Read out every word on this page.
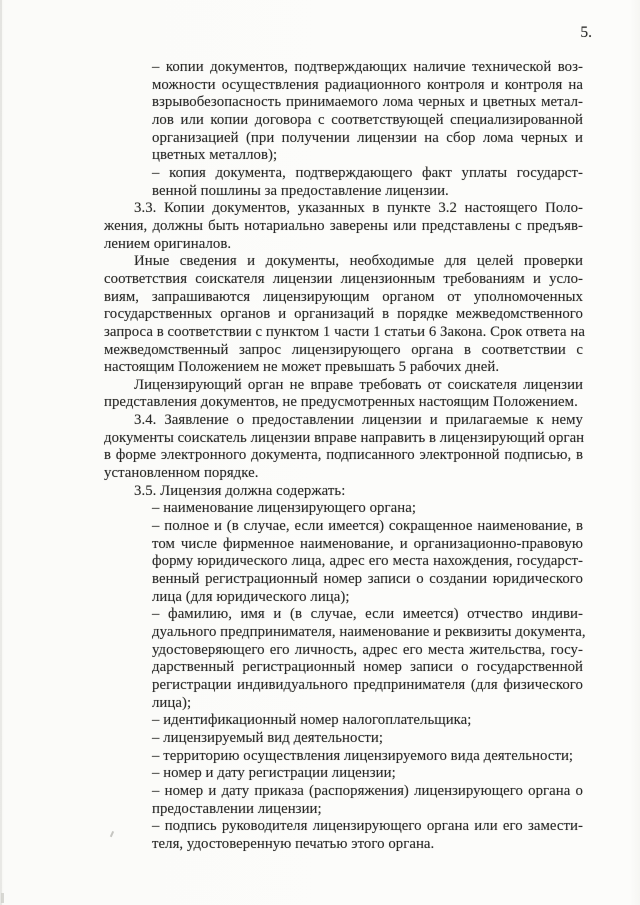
5.
– копии документов, подтверждающих наличие технической воз-
можности осуществления радиационного контроля и контроля на
взрывобезопасность принимаемого лома черных и цветных метал-
лов или копии договора с соответствующей специализированной
организацией (при получении лицензии на сбор лома черных и
цветных металлов);
– копия документа, подтверждающего факт уплаты государст-
венной пошлины за предоставление лицензии.
3.3. Копии документов, указанных в пункте 3.2 настоящего Поло-
жения, должны быть нотариально заверены или представлены с предъяв-
лением оригиналов.
Иные сведения и документы, необходимые для целей проверки
соответствия соискателя лицензии лицензионным требованиям и усло-
виям, запрашиваются лицензирующим органом от уполномоченных
государственных органов и организаций в порядке межведомственного
запроса в соответствии с пунктом 1 части 1 статьи 6 Закона. Срок ответа на
межведомственный запрос лицензирующего органа в соответствии с
настоящим Положением не может превышать 5 рабочих дней.
Лицензирующий орган не вправе требовать от соискателя лицензии
представления документов, не предусмотренных настоящим Положением.
3.4. Заявление о предоставлении лицензии и прилагаемые к нему
документы соискатель лицензии вправе направить в лицензирующий орган
в форме электронного документа, подписанного электронной подписью, в
установленном порядке.
3.5. Лицензия должна содержать:
– наименование лицензирующего органа;
– полное и (в случае, если имеется) сокращенное наименование, в
том числе фирменное наименование, и организационно-правовую
форму юридического лица, адрес его места нахождения, государст-
венный регистрационный номер записи о создании юридического
лица (для юридического лица);
– фамилию, имя и (в случае, если имеется) отчество индиви-
дуального предпринимателя, наименование и реквизиты документа,
удостоверяющего его личность, адрес его места жительства, госу-
дарственный регистрационный номер записи о государственной
регистрации индивидуального предпринимателя (для физического
лица);
– идентификационный номер налогоплательщика;
– лицензируемый вид деятельности;
– территорию осуществления лицензируемого вида деятельности;
– номер и дату регистрации лицензии;
– номер и дату приказа (распоряжения) лицензирующего органа о
предоставлении лицензии;
– подпись руководителя лицензирующего органа или его замести-
теля, удостоверенную печатью этого органа.
